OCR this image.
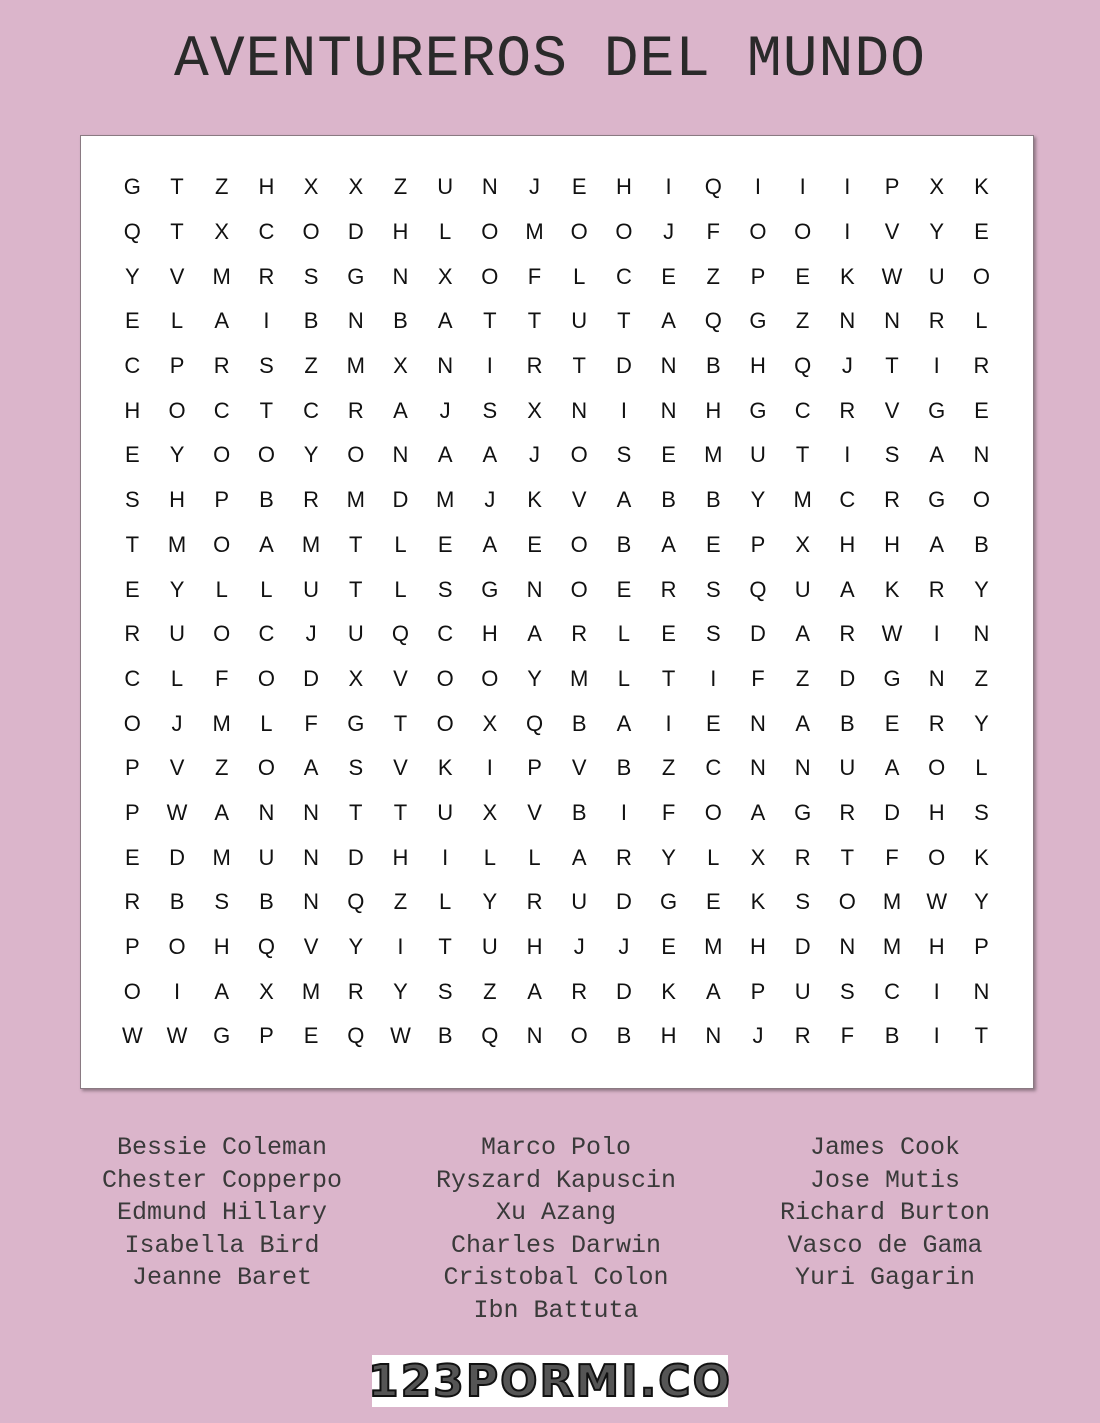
AVENTUREROS DEL MUNDO
G	T	Z	H	X	X	Z	U	N	J	E	H	I	Q	I	I	I	P	X	K
Q	T	X	C	O	D	H	L	O	M	O	O	J	F	O	O	I	V	Y	E
Y	V	M	R	S	G	N	X	O	F	L	C	E	Z	P	E	K	W	U	O
E	L	A	I	B	N	B	A	T	T	U	T	A	Q	G	Z	N	N	R	L
C	P	R	S	Z	M	X	N	I	R	T	D	N	B	H	Q	J	T	I	R
H	O	C	T	C	R	A	J	S	X	N	I	N	H	G	C	R	V	G	E
E	Y	O	O	Y	O	N	A	A	J	O	S	E	M	U	T	I	S	A	N
S	H	P	B	R	M	D	M	J	K	V	A	B	B	Y	M	C	R	G	O
T	M	O	A	M	T	L	E	A	E	O	B	A	E	P	X	H	H	A	B
E	Y	L	L	U	T	L	S	G	N	O	E	R	S	Q	U	A	K	R	Y
R	U	O	C	J	U	Q	C	H	A	R	L	E	S	D	A	R	W	I	N
C	L	F	O	D	X	V	O	O	Y	M	L	T	I	F	Z	D	G	N	Z
O	J	M	L	F	G	T	O	X	Q	B	A	I	E	N	A	B	E	R	Y
P	V	Z	O	A	S	V	K	I	P	V	B	Z	C	N	N	U	A	O	L
P	W	A	N	N	T	T	U	X	V	B	I	F	O	A	G	R	D	H	S
E	D	M	U	N	D	H	I	L	L	A	R	Y	L	X	R	T	F	O	K
R	B	S	B	N	Q	Z	L	Y	R	U	D	G	E	K	S	O	M	W	Y
P	O	H	Q	V	Y	I	T	U	H	J	J	E	M	H	D	N	M	H	P
O	I	A	X	M	R	Y	S	Z	A	R	D	K	A	P	U	S	C	I	N
W	W	G	P	E	Q	W	B	Q	N	O	B	H	N	J	R	F	B	I	T
Bessie Coleman
Chester Copperpo
Edmund Hillary
Isabella Bird
Jeanne Baret
Marco Polo
Ryszard Kapuscin
Xu Azang
Charles Darwin
Cristobal Colon
Ibn Battuta
James Cook
Jose Mutis
Richard Burton
Vasco de Gama
Yuri Gagarin
123PORMI.CO
